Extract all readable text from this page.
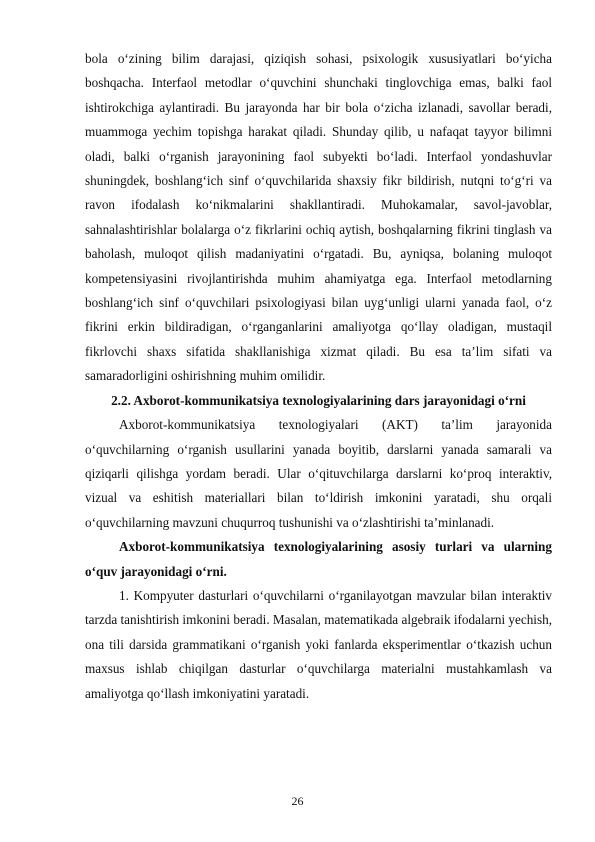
bola o‘zining bilim darajasi, qiziqish sohasi, psixologik xususiyatlari bo‘yicha boshqacha. Interfaol metodlar o‘quvchini shunchaki tinglovchiga emas, balki faol ishtirokchiga aylantiradi. Bu jarayonda har bir bola o‘zicha izlanadi, savollar beradi, muammoga yechim topishga harakat qiladi. Shunday qilib, u nafaqat tayyor bilimni oladi, balki o‘rganish jarayonining faol subyekti bo‘ladi. Interfaol yondashuvlar shuningdek, boshlang‘ich sinf o‘quvchilarida shaxsiy fikr bildirish, nutqni to‘g‘ri va ravon ifodalash ko‘nikmalarini shakllantiradi. Muhokamalar, savol-javoblar, sahnalashtirishlar bolalarga o‘z fikrlarini ochiq aytish, boshqalarning fikrini tinglash va baholash, muloqot qilish madaniyatini o‘rgatadi. Bu, ayniqsa, bolaning muloqot kompetensiyasini rivojlantirishda muhim ahamiyatga ega. Interfaol metodlarning boshlang‘ich sinf o‘quvchilari psixologiyasi bilan uyg‘unligi ularni yanada faol, o‘z fikrini erkin bildiradigan, o‘rganganlarini amaliyotga qo‘llay oladigan, mustaqil fikrlovchi shaxs sifatida shakllanishiga xizmat qiladi. Bu esa ta’lim sifati va samaradorligini oshirishning muhim omilidir.

2.2. Axborot-kommunikatsiya texnologiyalarining dars jarayonidagi o‘rni

Axborot-kommunikatsiya texnologiyalari (AKT) ta’lim jarayonida o‘quvchilarning o‘rganish usullarini yanada boyitib, darslarni yanada samarali va qiziqarli qilishga yordam beradi. Ular o‘qituvchilarga darslarni ko‘proq interaktiv, vizual va eshitish materiallari bilan to‘ldirish imkonini yaratadi, shu orqali o‘quvchilarning mavzuni chuqurroq tushunishi va o‘zlashtirishi ta’minlanadi.

Axborot-kommunikatsiya texnologiyalarining asosiy turlari va ularning o‘quv jarayonidagi o‘rni.

1. Kompyuter dasturlari o‘quvchilarni o‘rganilayotgan mavzular bilan interaktiv tarzda tanishtirish imkonini beradi. Masalan, matematikada algebraik ifodalarni yechish, ona tili darsida grammatikani o‘rganish yoki fanlarda eksperimentlar o‘tkazish uchun maxsus ishlab chiqilgan dasturlar o‘quvchilarga materialni mustahkamlash va amaliyotga qo‘llash imkoniyatini yaratadi.

26
